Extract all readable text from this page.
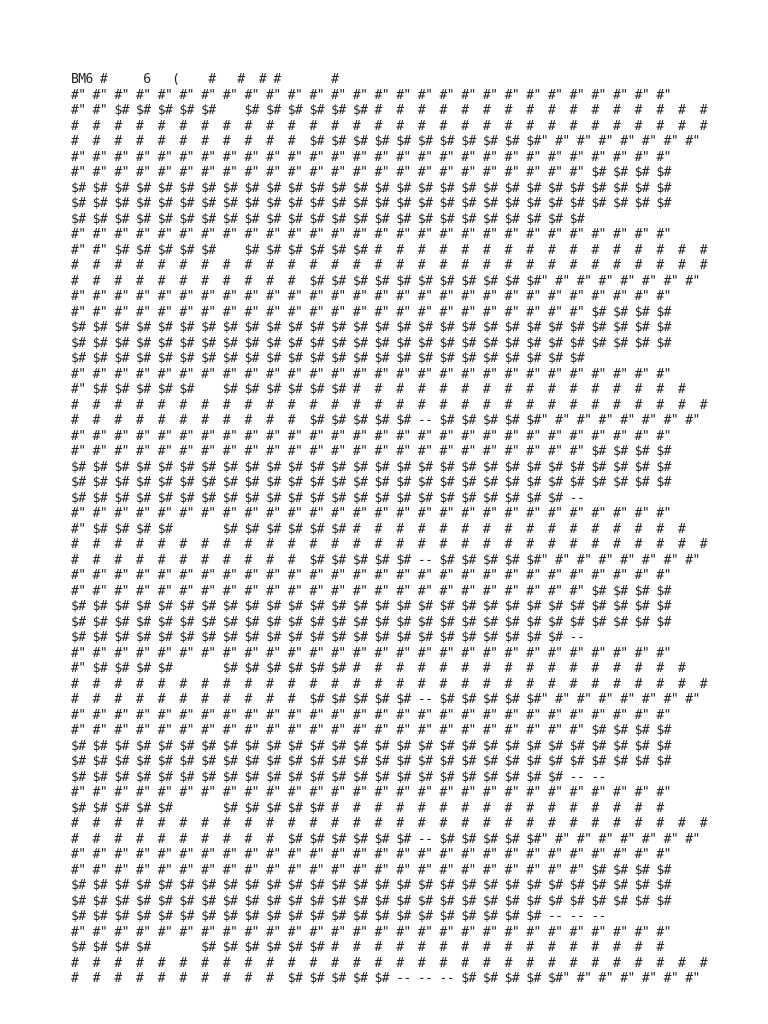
BM6 #     6   (    #   #  # #       #
#" #" #" #" #" #" #" #" #" #" #" #" #" #" #" #" #" #" #" #" #" #" #" #" #" #" #" #"
#" #" $# $# $# $# $#    $# $# $# $# $# $# #  #  #  #  #  #  #  #  #  #  #  #  #  #  #  #
#  #  #  #  #  #  #  #  #  #  #  #  #  #  #  #  #  #  #  #  #  #  #  #  #  #  #  #  #  #
#  #  #  #  #  #  #  #  #  #  #  $# $# $# $# $# $# $# $# $# $# $#" #" #" #" #" #" #" #"
#" #" #" #" #" #" #" #" #" #" #" #" #" #" #" #" #" #" #" #" #" #" #" #" #" #" #" #"
#" #" #" #" #" #" #" #" #" #" #" #" #" #" #" #" #" #" #" #" #" #" #" #" $# $# $# $#
$# $# $# $# $# $# $# $# $# $# $# $# $# $# $# $# $# $# $# $# $# $# $# $# $# $# $# $#
$# $# $# $# $# $# $# $# $# $# $# $# $# $# $# $# $# $# $# $# $# $# $# $# $# $# $# $#
$# $# $# $# $# $# $# $# $# $# $# $# $# $# $# $# $# $# $# $# $# $# $# $#
#" #" #" #" #" #" #" #" #" #" #" #" #" #" #" #" #" #" #" #" #" #" #" #" #" #" #" #"
#" #" $# $# $# $# $#    $# $# $# $# $# $# #  #  #  #  #  #  #  #  #  #  #  #  #  #  #  #
#  #  #  #  #  #  #  #  #  #  #  #  #  #  #  #  #  #  #  #  #  #  #  #  #  #  #  #  #  #
#  #  #  #  #  #  #  #  #  #  #  $# $# $# $# $# $# $# $# $# $# $#" #" #" #" #" #" #" #"
#" #" #" #" #" #" #" #" #" #" #" #" #" #" #" #" #" #" #" #" #" #" #" #" #" #" #" #"
#" #" #" #" #" #" #" #" #" #" #" #" #" #" #" #" #" #" #" #" #" #" #" #" $# $# $# $#
$# $# $# $# $# $# $# $# $# $# $# $# $# $# $# $# $# $# $# $# $# $# $# $# $# $# $# $#
$# $# $# $# $# $# $# $# $# $# $# $# $# $# $# $# $# $# $# $# $# $# $# $# $# $# $# $#
$# $# $# $# $# $# $# $# $# $# $# $# $# $# $# $# $# $# $# $# $# $# $# $#
#" #" #" #" #" #" #" #" #" #" #" #" #" #" #" #" #" #" #" #" #" #" #" #" #" #" #" #"
#" $# $# $# $# $#    $# $# $# $# $# $# #  #  #  #  #  #  #  #  #  #  #  #  #  #  #  #
#  #  #  #  #  #  #  #  #  #  #  #  #  #  #  #  #  #  #  #  #  #  #  #  #  #  #  #  #  #
#  #  #  #  #  #  #  #  #  #  #  $# $# $# $# $# -- $# $# $# $# $#" #" #" #" #" #" #" #"
#" #" #" #" #" #" #" #" #" #" #" #" #" #" #" #" #" #" #" #" #" #" #" #" #" #" #" #"
#" #" #" #" #" #" #" #" #" #" #" #" #" #" #" #" #" #" #" #" #" #" #" #" $# $# $# $#
$# $# $# $# $# $# $# $# $# $# $# $# $# $# $# $# $# $# $# $# $# $# $# $# $# $# $# $#
$# $# $# $# $# $# $# $# $# $# $# $# $# $# $# $# $# $# $# $# $# $# $# $# $# $# $# $#
$# $# $# $# $# $# $# $# $# $# $# $# $# $# $# $# $# $# $# $# $# $# $# --
#" #" #" #" #" #" #" #" #" #" #" #" #" #" #" #" #" #" #" #" #" #" #" #" #" #" #" #"
#" $# $# $# $#       $# $# $# $# $# $# #  #  #  #  #  #  #  #  #  #  #  #  #  #  #  #
#  #  #  #  #  #  #  #  #  #  #  #  #  #  #  #  #  #  #  #  #  #  #  #  #  #  #  #  #  #
#  #  #  #  #  #  #  #  #  #  #  $# $# $# $# $# -- $# $# $# $# $#" #" #" #" #" #" #" #"
#" #" #" #" #" #" #" #" #" #" #" #" #" #" #" #" #" #" #" #" #" #" #" #" #" #" #" #"
#" #" #" #" #" #" #" #" #" #" #" #" #" #" #" #" #" #" #" #" #" #" #" #" $# $# $# $#
$# $# $# $# $# $# $# $# $# $# $# $# $# $# $# $# $# $# $# $# $# $# $# $# $# $# $# $#
$# $# $# $# $# $# $# $# $# $# $# $# $# $# $# $# $# $# $# $# $# $# $# $# $# $# $# $#
$# $# $# $# $# $# $# $# $# $# $# $# $# $# $# $# $# $# $# $# $# $# $# --
#" #" #" #" #" #" #" #" #" #" #" #" #" #" #" #" #" #" #" #" #" #" #" #" #" #" #" #"
#" $# $# $# $#       $# $# $# $# $# $# #  #  #  #  #  #  #  #  #  #  #  #  #  #  #  #
#  #  #  #  #  #  #  #  #  #  #  #  #  #  #  #  #  #  #  #  #  #  #  #  #  #  #  #  #  #
#  #  #  #  #  #  #  #  #  #  #  $# $# $# $# $# -- $# $# $# $# $#" #" #" #" #" #" #" #"
#" #" #" #" #" #" #" #" #" #" #" #" #" #" #" #" #" #" #" #" #" #" #" #" #" #" #" #"
#" #" #" #" #" #" #" #" #" #" #" #" #" #" #" #" #" #" #" #" #" #" #" #" $# $# $# $#
$# $# $# $# $# $# $# $# $# $# $# $# $# $# $# $# $# $# $# $# $# $# $# $# $# $# $# $#
$# $# $# $# $# $# $# $# $# $# $# $# $# $# $# $# $# $# $# $# $# $# $# $# $# $# $# $#
$# $# $# $# $# $# $# $# $# $# $# $# $# $# $# $# $# $# $# $# $# $# $# -- --
#" #" #" #" #" #" #" #" #" #" #" #" #" #" #" #" #" #" #" #" #" #" #" #" #" #" #" #"
$# $# $# $# $#       $# $# $# $# $# #  #  #  #  #  #  #  #  #  #  #  #  #  #  #  #
#  #  #  #  #  #  #  #  #  #  #  #  #  #  #  #  #  #  #  #  #  #  #  #  #  #  #  #  #  #
#  #  #  #  #  #  #  #  #  #  $# $# $# $# $# $# -- $# $# $# $# $#" #" #" #" #" #" #" #"
#" #" #" #" #" #" #" #" #" #" #" #" #" #" #" #" #" #" #" #" #" #" #" #" #" #" #" #"
#" #" #" #" #" #" #" #" #" #" #" #" #" #" #" #" #" #" #" #" #" #" #" #" $# $# $# $#
$# $# $# $# $# $# $# $# $# $# $# $# $# $# $# $# $# $# $# $# $# $# $# $# $# $# $# $#
$# $# $# $# $# $# $# $# $# $# $# $# $# $# $# $# $# $# $# $# $# $# $# $# $# $# $# $#
$# $# $# $# $# $# $# $# $# $# $# $# $# $# $# $# $# $# $# $# $# $# -- -- --
#" #" #" #" #" #" #" #" #" #" #" #" #" #" #" #" #" #" #" #" #" #" #" #" #" #" #" #"
$# $# $# $#       $# $# $# $# $# $# #  #  #  #  #  #  #  #  #  #  #  #  #  #  #  #
#  #  #  #  #  #  #  #  #  #  #  #  #  #  #  #  #  #  #  #  #  #  #  #  #  #  #  #  #  #
#  #  #  #  #  #  #  #  #  #  $# $# $# $# $# -- -- -- $# $# $# $# $#" #" #" #" #" #" #"
